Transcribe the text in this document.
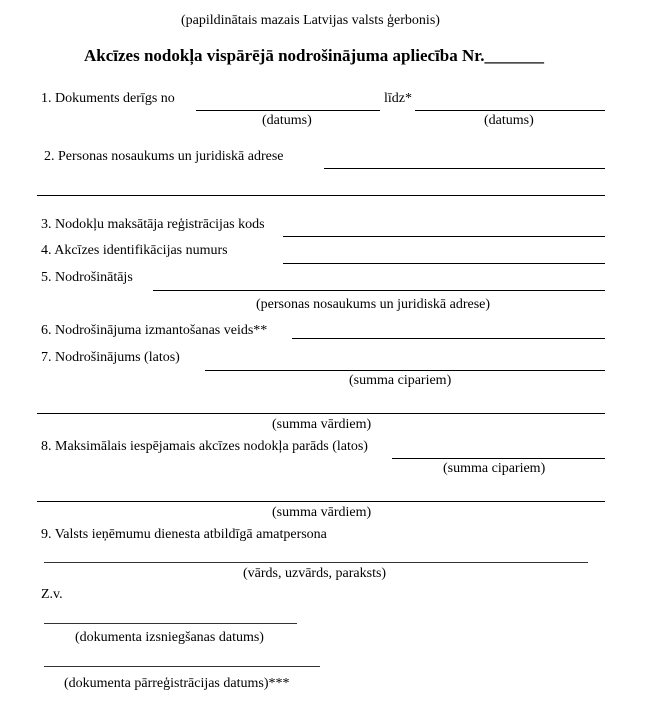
(papildinātais mazais Latvijas valsts ģerbonis)
Akcīzes nodokļa vispārējā nodrošinājuma apliecība Nr._______
1. Dokuments derīgs no	līdz*
(datums)	(datums)
2. Personas nosaukums un juridiskā adrese
3. Nodokļu maksātāja reģistrācijas kods
4. Akcīzes identifikācijas numurs
5. Nodrošinātājs
(personas nosaukums un juridiskā adrese)
6. Nodrošinājuma izmantošanas veids**
7. Nodrošinājums (latos)
(summa cipariem)
(summa vārdiem)
8. Maksimālais iespējamais akcīzes nodokļa parāds (latos)
(summa cipariem)
(summa vārdiem)
9. Valsts ieņēmumu dienesta atbildīgā amatpersona
(vārds, uzvārds, paraksts)
Z.v.
(dokumenta izsniegšanas datums)
(dokumenta pārreģistrācijas datums)***
